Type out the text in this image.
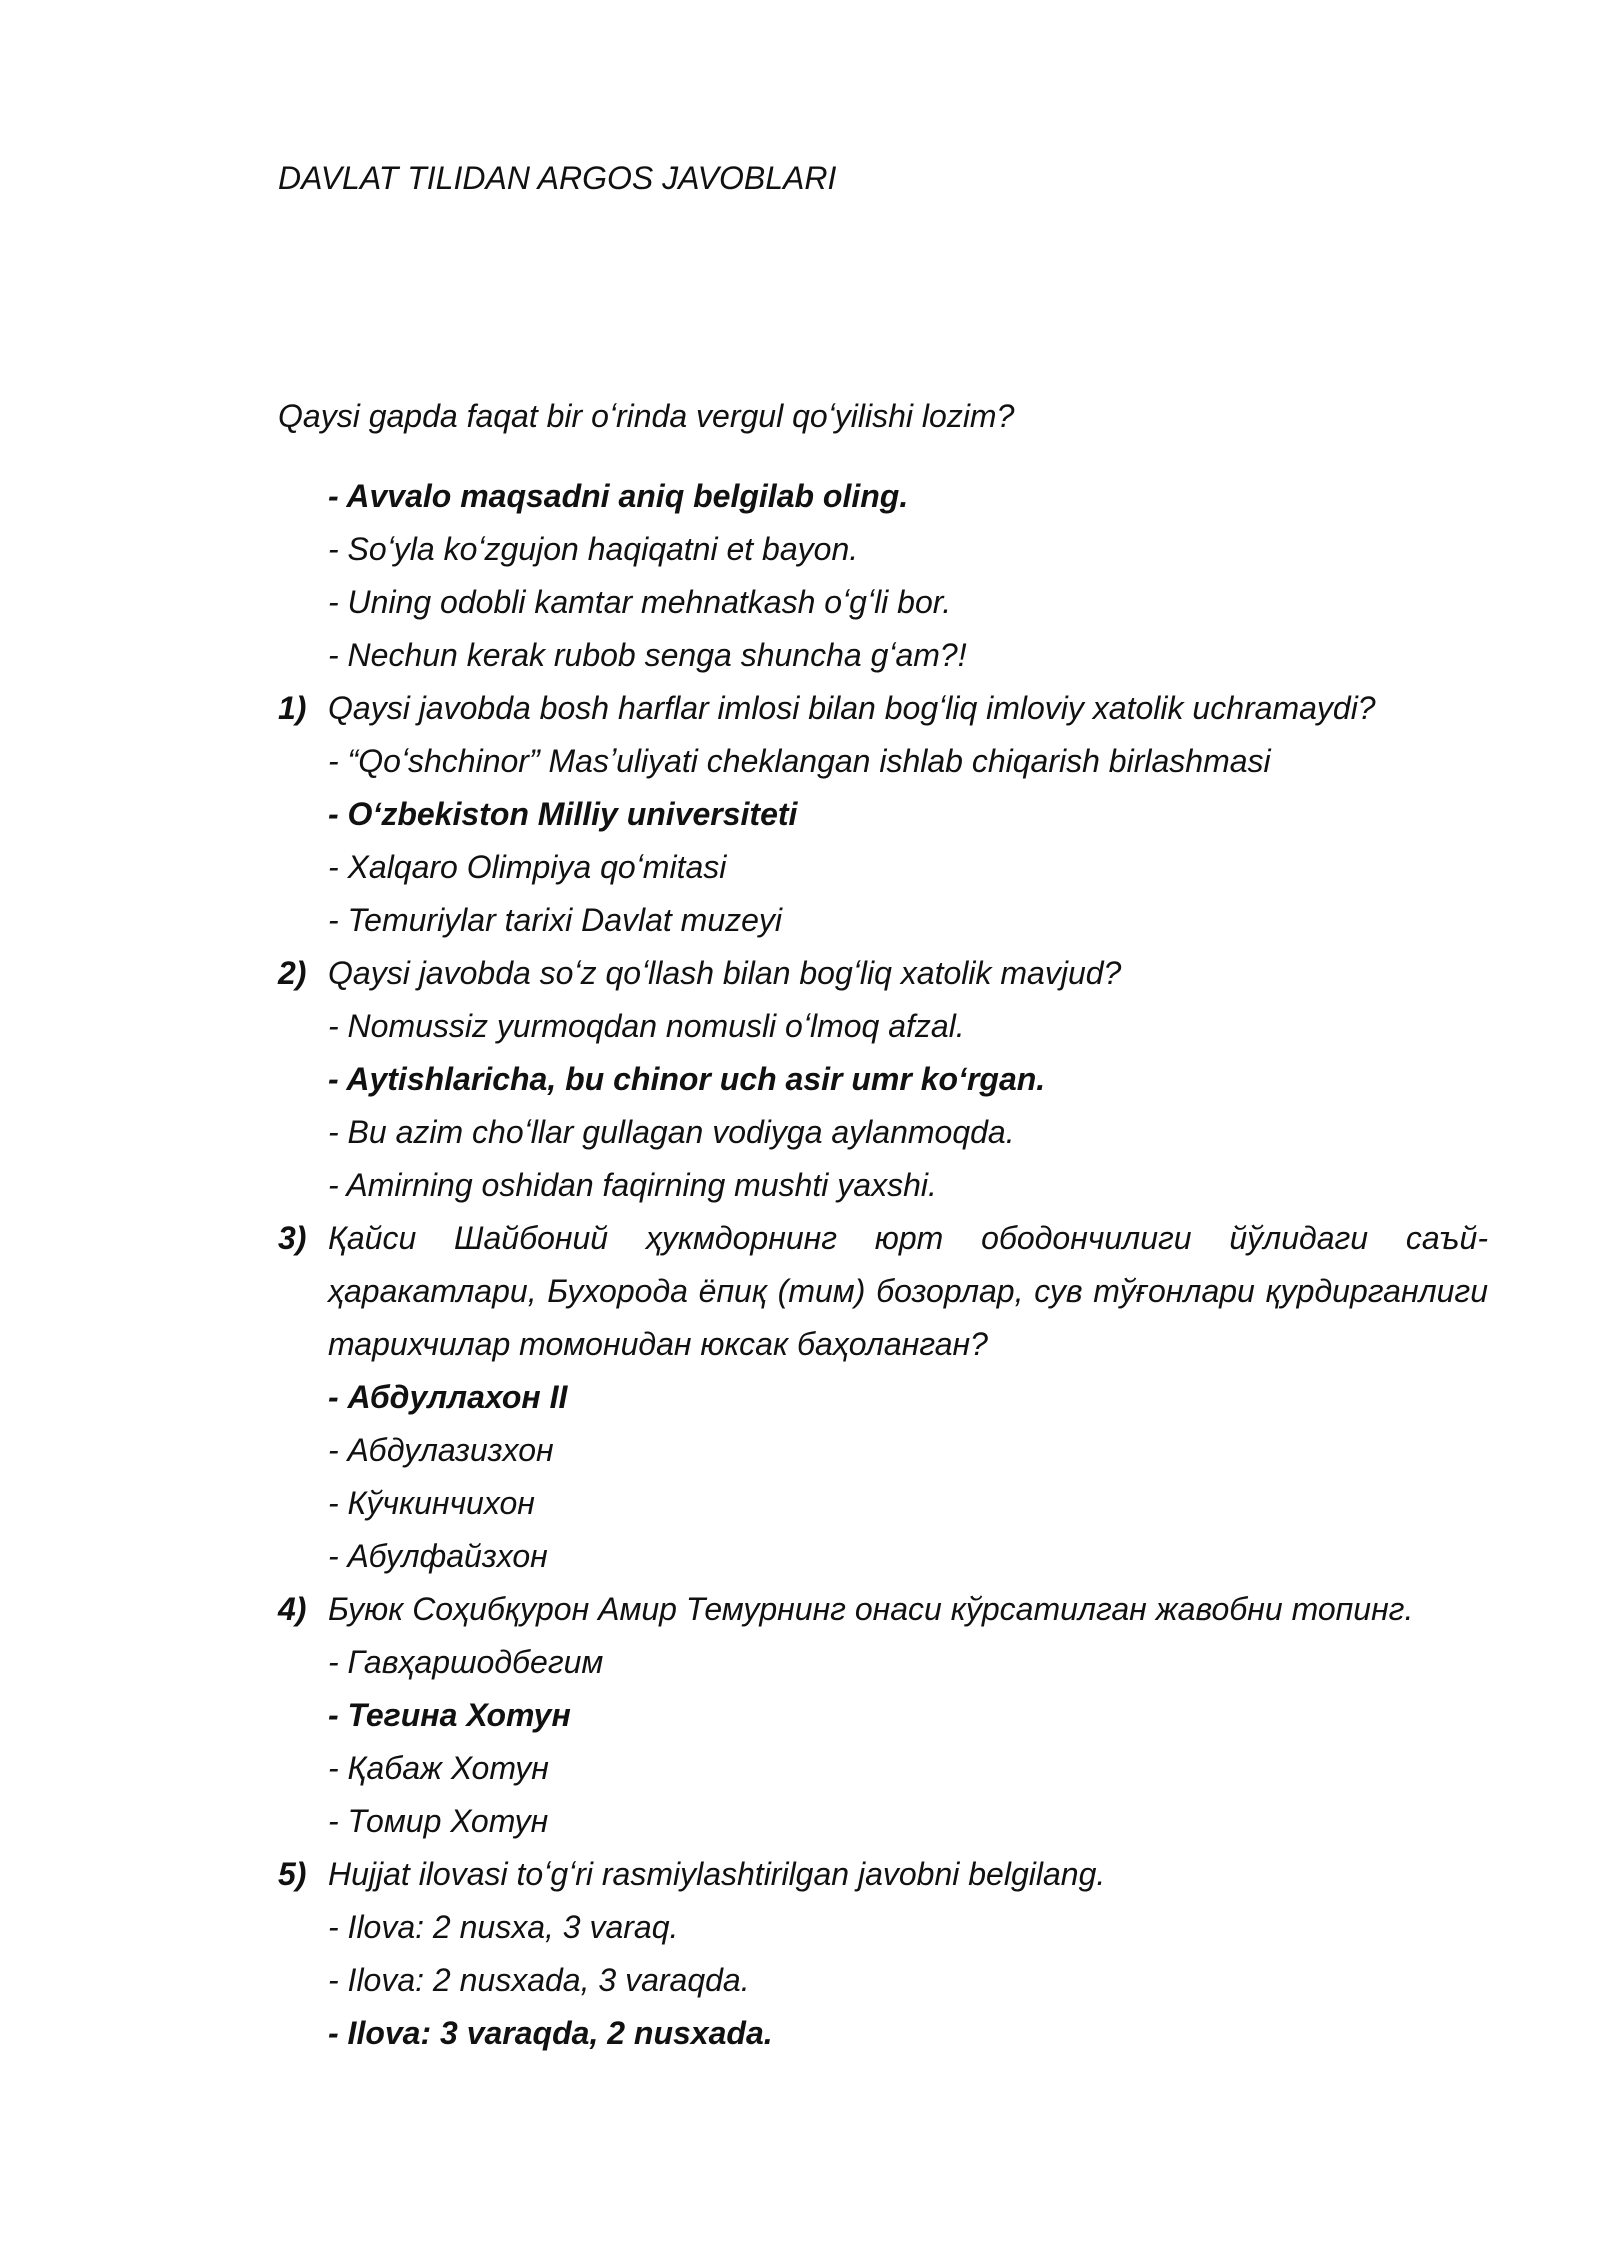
DAVLAT TILIDAN ARGOS JAVOBLARI
Qaysi gapda faqat bir oʻrinda vergul qoʻyilishi lozim?
- Avvalo maqsadni aniq belgilab oling.
- Soʻyla koʻzgujon haqiqatni et bayon.
- Uning odobli kamtar mehnatkash oʻgʻli bor.
- Nechun kerak rubob senga shuncha gʻam?!
1) Qaysi javobda bosh harflar imlosi bilan bogʻliq imloviy xatolik uchramaydi?
- “Qoʻshchinor” Masʼuliyati cheklangan ishlab chiqarish birlashmasi
- Oʻzbekiston Milliy universiteti
- Xalqaro Olimpiya qoʻmitasi
- Temuriylar tarixi Davlat muzeyi
2) Qaysi javobda soʻz qoʻllash bilan bogʻliq xatolik mavjud?
- Nomussiz yurmoqdan nomusli oʻlmoq afzal.
- Aytishlaricha, bu chinor uch asir umr koʻrgan.
- Bu azim choʻllar gullagan vodiyga aylanmoqda.
- Amirning oshidan faqirning mushti yaxshi.
3) Қайси Шайбоний ҳукмдорнинг юрт ободончилиги йўлидаги саъй-ҳаракатлари, Бухорода ёпиқ (тим) бозорлар, сув тўғонлари қурдирганлиги тарихчилар томонидан юксак баҳоланган?
- Абдуллахон II
- Абдулазизхон
- Кўчкинчихон
- Абулфайзхон
4) Буюк Соҳибқурон Амир Темурнинг онаси кўрсатилган жавобни топинг.
- Гавҳаршодбегим
- Тегина Хотун
- Қабаж Хотун
- Томир Хотун
5) Hujjat ilovasi toʻgʻri rasmiylashtirilgan javobni belgilang.
- Ilova: 2 nusxa, 3 varaq.
- Ilova: 2 nusxada, 3 varaqda.
- Ilova: 3 varaqda, 2 nusxada.
